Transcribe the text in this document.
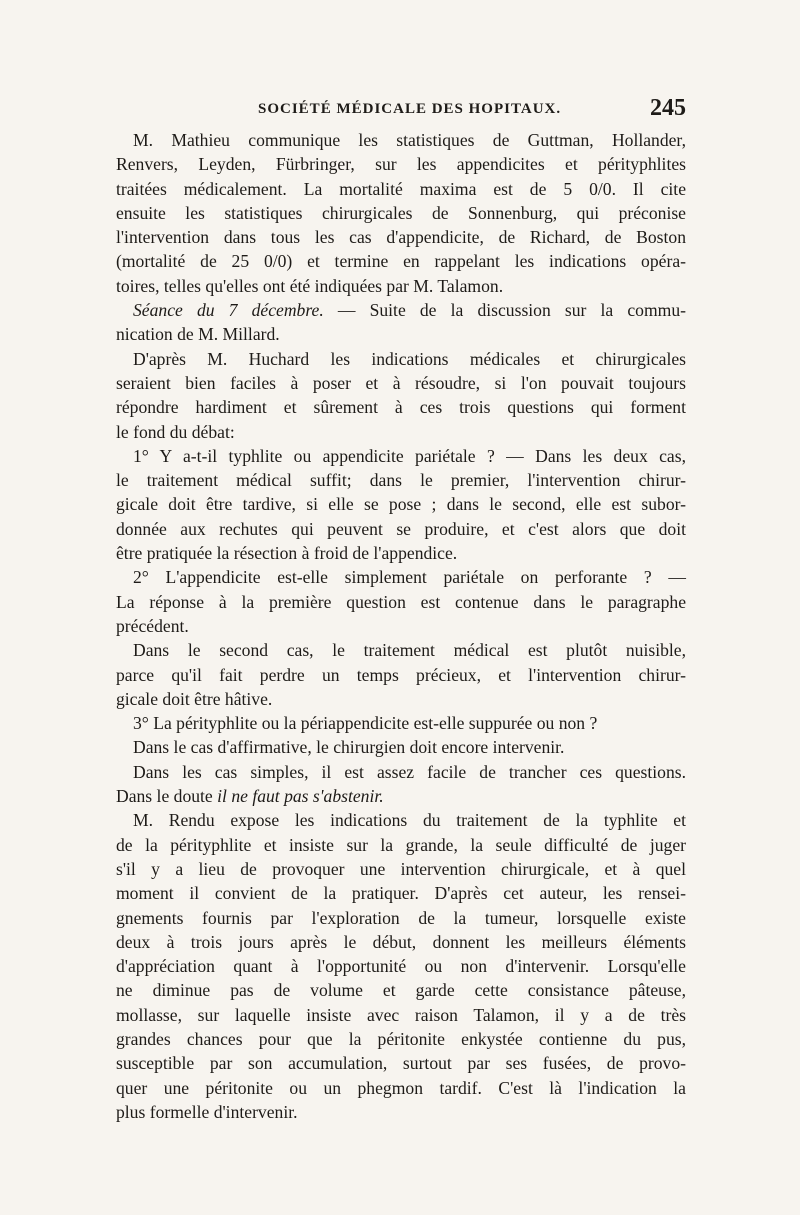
SOCIÉTÉ MÉDICALE DES HOPITAUX.	245
M. Mathieu communique les statistiques de Guttman, Hollander,
Renvers, Leyden, Fürbringer, sur les appendicites et pérityphlites
traitées médicalement. La mortalité maxima est de 5 0/0. Il cite
ensuite les statistiques chirurgicales de Sonnenburg, qui préconise
l'intervention dans tous les cas d'appendicite, de Richard, de Boston
(mortalité de 25 0/0) et termine en rappelant les indications opéra-
toires, telles qu'elles ont été indiquées par M. Talamon.
Séance du 7 décembre. — Suite de la discussion sur la commu-
nication de M. Millard.
D'après M. Huchard les indications médicales et chirurgicales
seraient bien faciles à poser et à résoudre, si l'on pouvait toujours
répondre hardiment et sûrement à ces trois questions qui forment
le fond du débat:
1° Y a-t-il typhlite ou appendicite pariétale ? — Dans les deux cas,
le traitement médical suffit; dans le premier, l'intervention chirur-
gicale doit être tardive, si elle se pose ; dans le second, elle est subor-
donnée aux rechutes qui peuvent se produire, et c'est alors que doit
être pratiquée la résection à froid de l'appendice.
2° L'appendicite est-elle simplement pariétale on perforante ? —
La réponse à la première question est contenue dans le paragraphe
précédent.
Dans le second cas, le traitement médical est plutôt nuisible,
parce qu'il fait perdre un temps précieux, et l'intervention chirur-
gicale doit être hâtive.
3° La pérityphlite ou la périappendicite est-elle suppurée ou non ?
Dans le cas d'affirmative, le chirurgien doit encore intervenir.
Dans les cas simples, il est assez facile de trancher ces questions.
Dans le doute il ne faut pas s'abstenir.
M. Rendu expose les indications du traitement de la typhlite et
de la pérityphlite et insiste sur la grande, la seule difficulté de juger
s'il y a lieu de provoquer une intervention chirurgicale, et à quel
moment il convient de la pratiquer. D'après cet auteur, les rensei-
gnements fournis par l'exploration de la tumeur, lorsquelle existe
deux à trois jours après le début, donnent les meilleurs éléments
d'appréciation quant à l'opportunité ou non d'intervenir. Lorsqu'elle
ne diminue pas de volume et garde cette consistance pâteuse,
mollasse, sur laquelle insiste avec raison Talamon, il y a de très
grandes chances pour que la péritonite enkystée contienne du pus,
susceptible par son accumulation, surtout par ses fusées, de provo-
quer une péritonite ou un phegmon tardif. C'est là l'indication la
plus formelle d'intervenir.
